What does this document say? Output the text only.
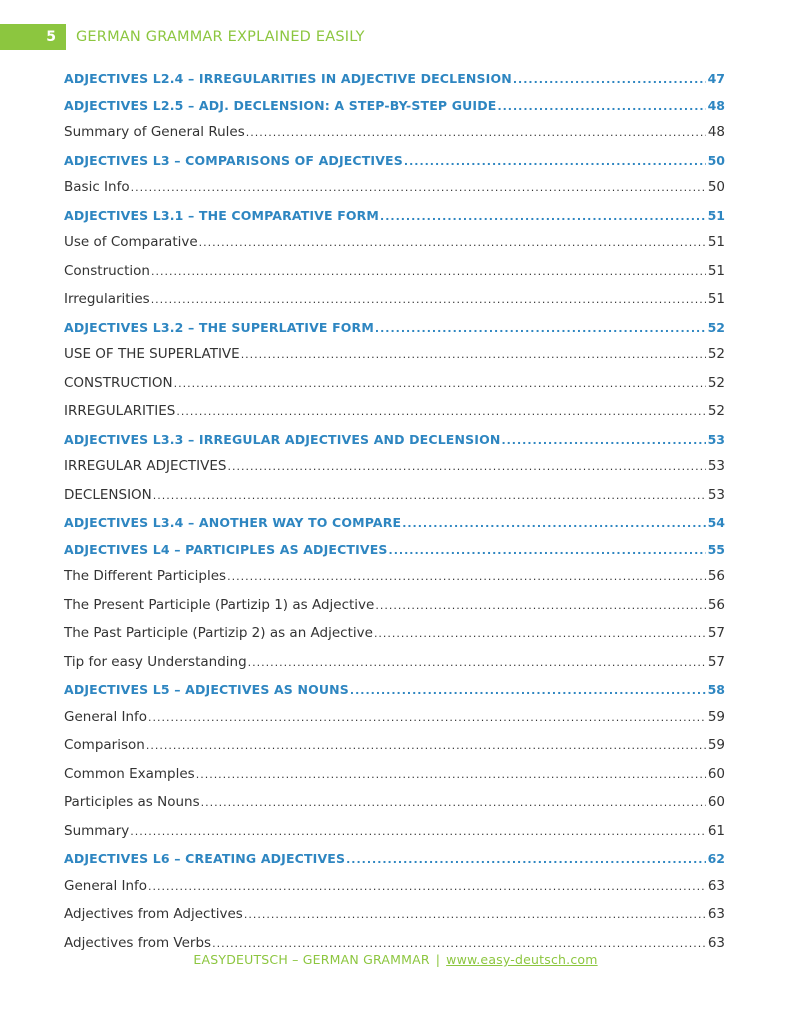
5	GERMAN GRAMMAR EXPLAINED EASILY
ADJECTIVES L2.4 – IRREGULARITIES IN ADJECTIVE DECLENSION .....	47
ADJECTIVES L2.5 – ADJ. DECLENSION: A STEP-BY-STEP GUIDE .....	48
Summary of General Rules .....	48
ADJECTIVES L3 – COMPARISONS OF ADJECTIVES .....	50
Basic Info .....	50
ADJECTIVES L3.1 – THE COMPARATIVE FORM .....	51
Use of Comparative .....	51
Construction .....	51
Irregularities .....	51
ADJECTIVES L3.2 – THE SUPERLATIVE FORM .....	52
USE OF THE SUPERLATIVE .....	52
CONSTRUCTION .....	52
IRREGULARITIES .....	52
ADJECTIVES L3.3 – IRREGULAR ADJECTIVES AND DECLENSION .....	53
IRREGULAR ADJECTIVES .....	53
DECLENSION .....	53
ADJECTIVES L3.4 – ANOTHER WAY TO COMPARE .....	54
ADJECTIVES L4 – PARTICIPLES AS ADJECTIVES .....	55
The Different Participles .....	56
The Present Participle (Partizip 1) as Adjective .....	56
The Past Participle (Partizip 2) as an Adjective .....	57
Tip for easy Understanding .....	57
ADJECTIVES L5 – ADJECTIVES AS NOUNS .....	58
General Info .....	59
Comparison .....	59
Common Examples .....	60
Participles as Nouns .....	60
Summary .....	61
ADJECTIVES L6 – CREATING ADJECTIVES .....	62
General Info .....	63
Adjectives from Adjectives .....	63
Adjectives from Verbs .....	63
EASYDEUTSCH – GERMAN GRAMMAR | www.easy-deutsch.com
